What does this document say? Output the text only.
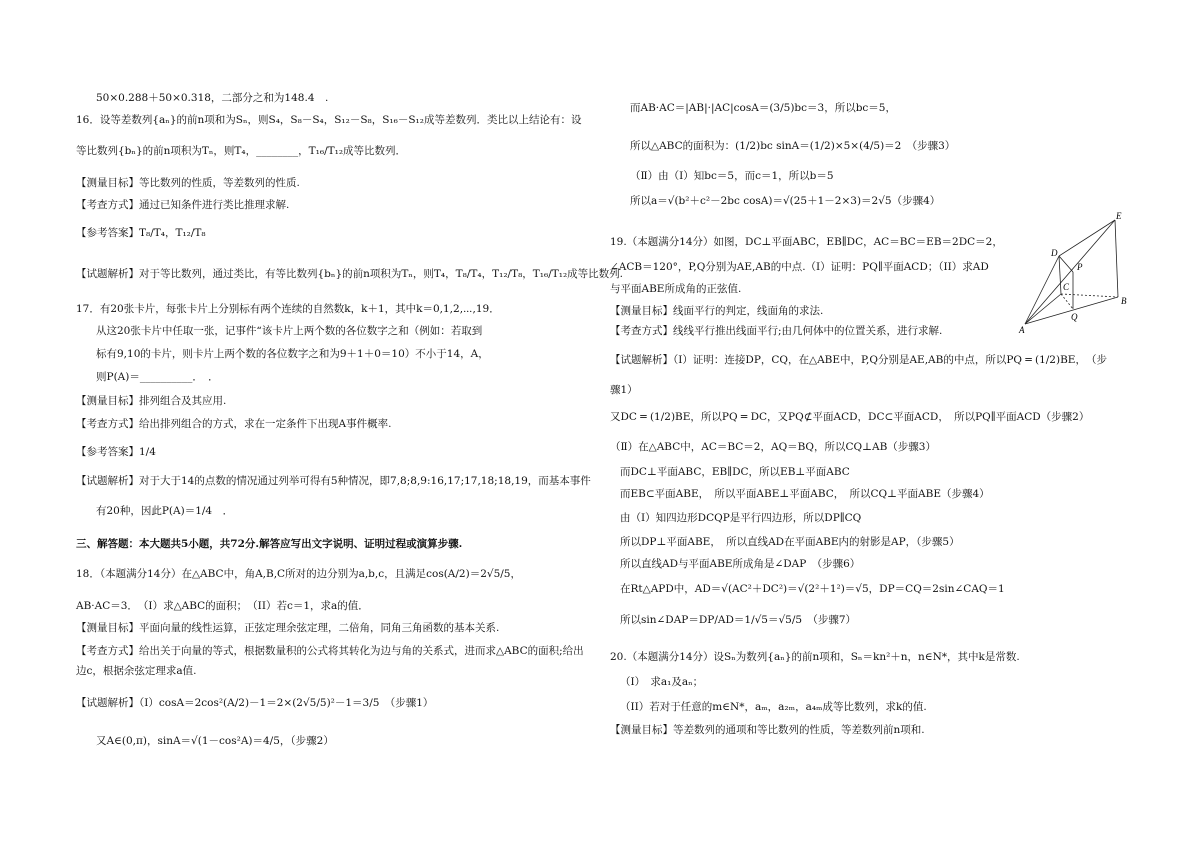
50×0.288＋50×0.318，二部分之和为148.4　.
16．设等差数列{aₙ}的前n项和为Sₙ，则S₄，S₈－S₄，S₁₂－S₈，S₁₆－S₁₂成等差数列．类比以上结论有：设
等比数列{bₙ}的前n项积为Tₙ，则T₄，________，T₁₆/T₁₂成等比数列．
【测量目标】等比数列的性质，等差数列的性质.
【考查方式】通过已知条件进行类比推理求解.
【参考答案】T₈/T₄，T₁₂/T₈
【试题解析】对于等比数列，通过类比，有等比数列{bₙ}的前n项积为Tₙ，则T₄，T₈/T₄，T₁₂/T₈，T₁₆/T₁₂成等比数列.
17．有20张卡片，每张卡片上分别标有两个连续的自然数k，k＋1，其中k＝0,1,2,⋯,19．
从这20张卡片中任取一张，记事件“该卡片上两个数的各位数字之和（例如：若取到
标有9,10的卡片，则卡片上两个数的各位数字之和为9＋1＋0＝10）不小于14，A，
则P(A)＝__________．　．
【测量目标】排列组合及其应用.
【考查方式】给出排列组合的方式，求在一定条件下出现A事件概率.
【参考答案】1/4
【试题解析】对于大于14的点数的情况通过列举可得有5种情况，即7,8;8,9:16,17;17,18;18,19，而基本事件
有20种，因此P(A)＝1/4　．
三、解答题：本大题共5小题，共72分.解答应写出文字说明、证明过程或演算步骤.
18．（本题满分14分）在△ABC中，角A,B,C所对的边分别为a,b,c，且满足cos(A/2)＝2√5/5，
AB·AC＝3．　（I）求△ABC的面积；　（II）若c＝1，求a的值．
【测量目标】平面向量的线性运算，正弦定理余弦定理，二倍角，同角三角函数的基本关系.
【考查方式】给出关于向量的等式，根据数量积的公式将其转化为边与角的关系式，进而求△ABC的面积;给出
边c，根据余弦定理求a值.
【试题解析】（Ⅰ）cosA＝2cos²(A/2)－1＝2×(2√5/5)²－1＝3/5　（步骤1）
又A∈(0,π)，sinA＝√(1－cos²A)＝4/5，（步骤2）
而AB·AC＝|AB|·|AC|cosA＝(3/5)bc＝3，所以bc＝5，
所以△ABC的面积为：(1/2)bc sinA＝(1/2)×5×(4/5)＝2　（步骤3）
（Ⅱ）由（Ⅰ）知bc＝5，而c＝1，所以b＝5
所以a＝√(b²＋c²－2bc cosA)＝√(25＋1－2×3)＝2√5（步骤4）
19.（本题满分14分）如图，DC⊥平面ABC，EB∥DC，AC＝BC＝EB＝2DC＝2，
∠ACB＝120°，P,Q分别为AE,AB的中点.（I）证明：PQ∥平面ACD；（II）求AD
与平面ABE所成角的正弦值.
【测量目标】线面平行的判定，线面角的求法.
【考查方式】线线平行推出线面平行;由几何体中的位置关系，进行求解.
【试题解析】（Ⅰ）证明：连接DP，CQ，在△ABE中，P,Q分别是AE,AB的中点，所以PQ ═ (1/2)BE，　（步
骤1）
又DC ═ (1/2)BE，所以PQ ═ DC，又PQ⊄平面ACD，DC⊂平面ACD，　所以PQ∥平面ACD（步骤2）
（Ⅱ）在△ABC中，AC＝BC＝2，AQ＝BQ，所以CQ⊥AB（步骤3）
而DC⊥平面ABC，EB∥DC，所以EB⊥平面ABC
而EB⊂平面ABE，　所以平面ABE⊥平面ABC，　所以CQ⊥平面ABE（步骤4）
由（Ⅰ）知四边形DCQP是平行四边形，所以DP∥CQ
所以DP⊥平面ABE，　所以直线AD在平面ABE内的射影是AP，（步骤5）
所以直线AD与平面ABE所成角是∠DAP　（步骤6）
在Rt△APD中，AD＝√(AC²＋DC²)＝√(2²＋1²)＝√5，DP＝CQ＝2sin∠CAQ＝1
所以sin∠DAP＝DP/AD＝1/√5＝√5/5　（步骤7）
20.（本题满分14分）设Sₙ为数列{aₙ}的前n项和，Sₙ＝kn²＋n，n∈N*，其中k是常数.
（I）　求a₁及aₙ；
（II）若对于任意的m∈N*，aₘ，a₂ₘ，a₄ₘ成等比数列，求k的值.
【测量目标】等差数列的通项和等比数列的性质，等差数列前n项和.
E
D
P
C
B
Q
A
